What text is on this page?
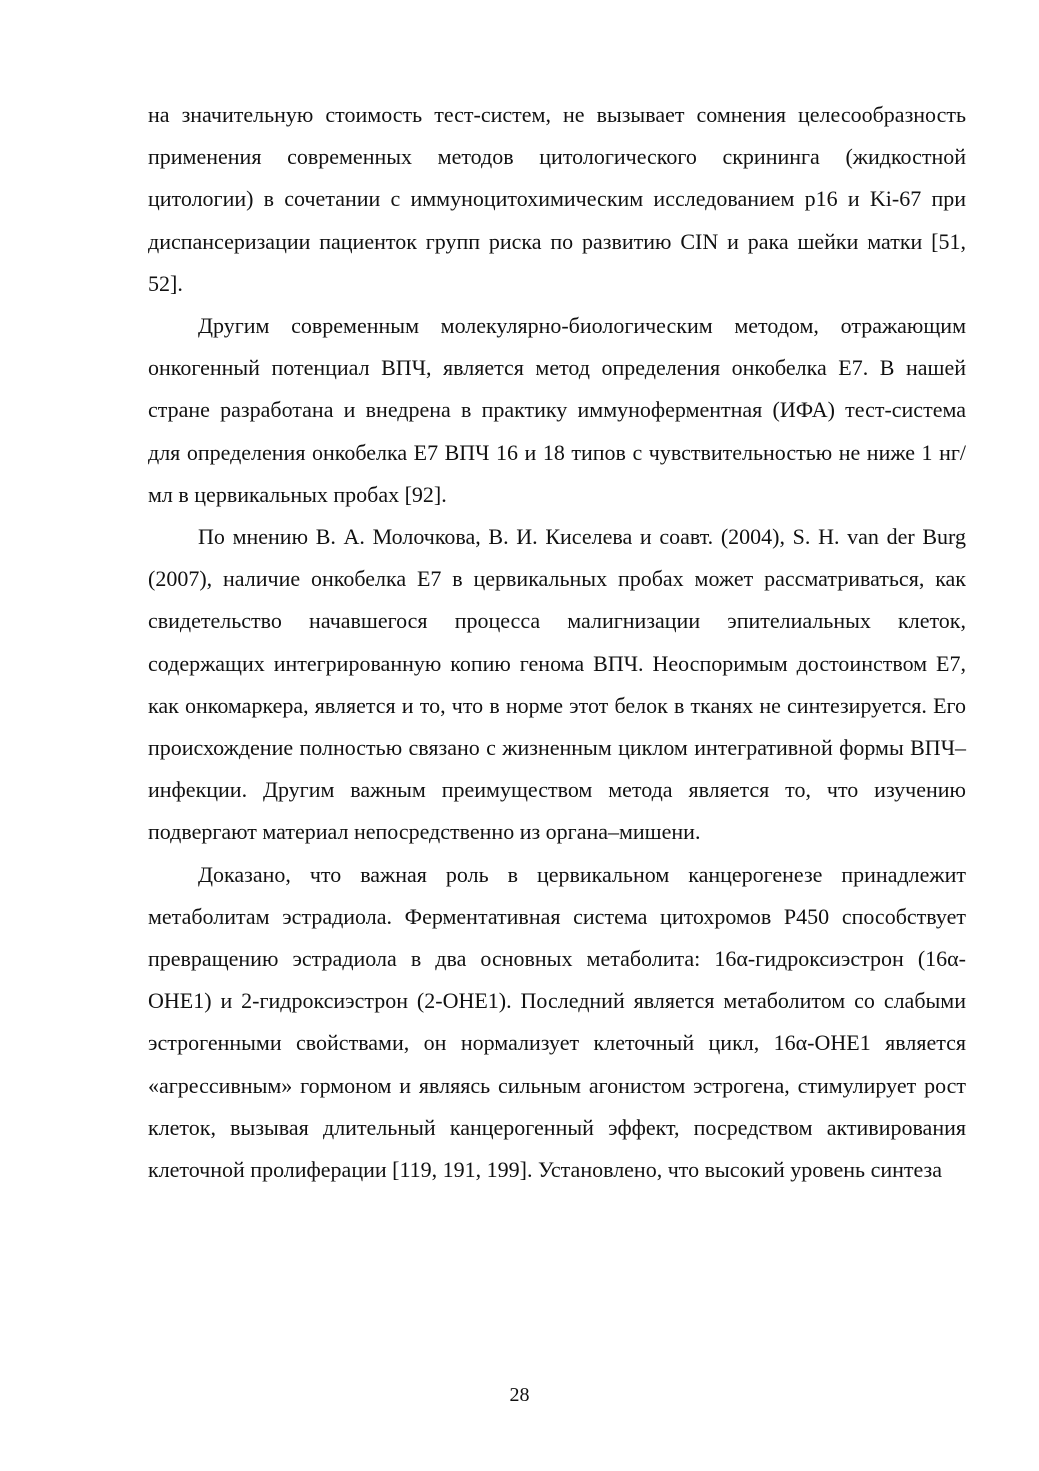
на значительную стоимость тест-систем, не вызывает сомнения целесообразность применения современных методов цитологического скрининга (жидкостной цитологии) в сочетании с иммуноцитохимическим исследованием p16 и Ki-67 при диспансеризации пациенток групп риска по развитию CIN и рака шейки матки [51, 52].

Другим современным молекулярно-биологическим методом, отражающим онкогенный потенциал ВПЧ, является метод определения онкобелка Е7. В нашей стране разработана и внедрена в практику иммуноферментная (ИФА) тест-система для определения онкобелка Е7 ВПЧ 16 и 18 типов с чувствительностью не ниже 1 нг/мл в цервикальных пробах [92].

По мнению В. А. Молочкова, В. И. Киселева и соавт. (2004), S. H. van der Burg (2007), наличие онкобелка Е7 в цервикальных пробах может рассматриваться, как свидетельство начавшегося процесса малигнизации эпителиальных клеток, содержащих интегрированную копию генома ВПЧ. Неоспоримым достоинством Е7, как онкомаркера, является и то, что в норме этот белок в тканях не синтезируется. Его происхождение полностью связано с жизненным циклом интегративной формы ВПЧ–инфекции. Другим важным преимуществом метода является то, что изучению подвергают материал непосредственно из органа–мишени.

Доказано, что важная роль в цервикальном канцерогенезе принадлежит метаболитам эстрадиола. Ферментативная система цитохромов P450 способствует превращению эстрадиола в два основных метаболита: 16α-гидроксиэстрон (16α-OHE1) и 2-гидроксиэстрон (2-OHE1). Последний является метаболитом со слабыми эстрогенными свойствами, он нормализует клеточный цикл, 16α-OHE1 является «агрессивным» гормоном и являясь сильным агонистом эстрогена, стимулирует рост клеток, вызывая длительный канцерогенный эффект, посредством активирования клеточной пролиферации [119, 191, 199]. Установлено, что высокий уровень синтеза

28
